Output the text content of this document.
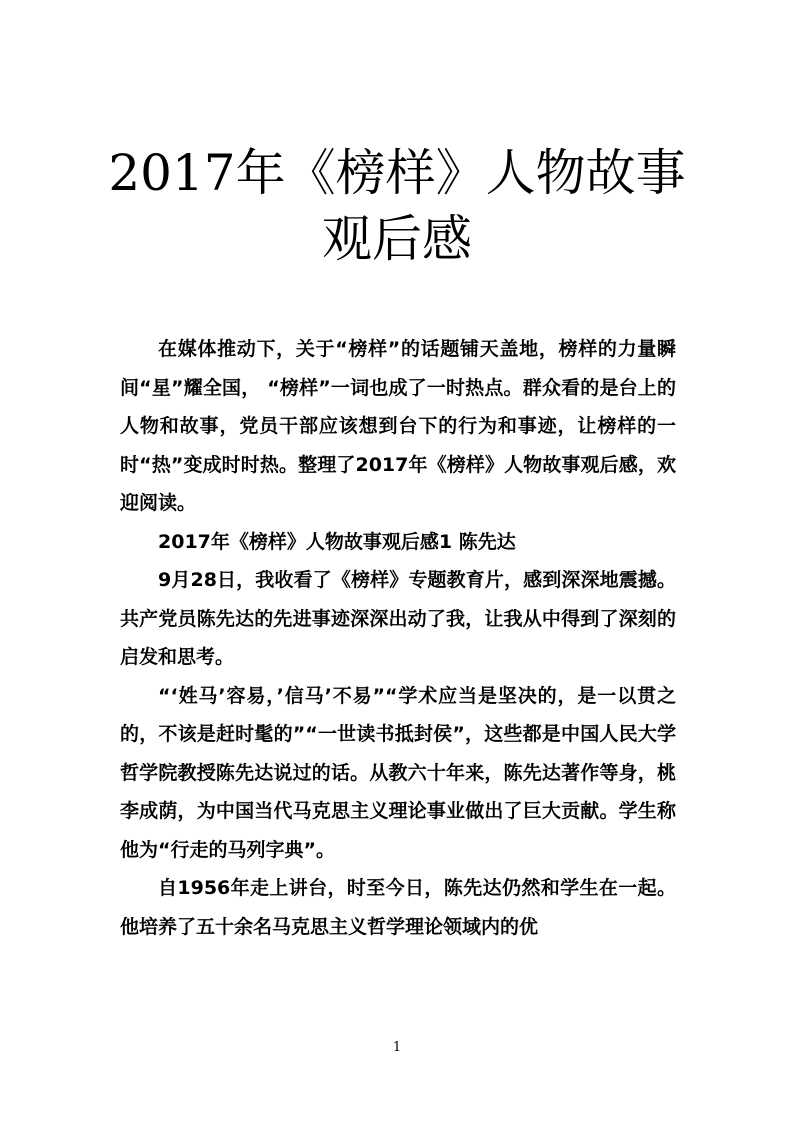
2017年《榜样》人物故事观后感

在媒体推动下，关于“榜样”的话题铺天盖地，榜样的力量瞬间“星”耀全国， “榜样”一词也成了一时热点。群众看的是台上的人物和故事，党员干部应该想到台下的行为和事迹，让榜样的一时“热”变成时时热。整理了2017年《榜样》人物故事观后感，欢迎阅读。

2017年《榜样》人物故事观后感1 陈先达

9月28日，我收看了《榜样》专题教育片，感到深深地震撼。共产党员陈先达的先进事迹深深出动了我，让我从中得到了深刻的启发和思考。

“‘姓马’容易，’信马’不易”“学术应当是坚决的，是一以贯之的，不该是赶时髦的”“一世读书抵封侯”，这些都是中国人民大学哲学院教授陈先达说过的话。从教六十年来，陈先达著作等身，桃李成荫，为中国当代马克思主义理论事业做出了巨大贡献。学生称他为“行走的马列字典”。

自1956年走上讲台，时至今日，陈先达仍然和学生在一起。他培养了五十余名马克思主义哲学理论领域内的优

1
